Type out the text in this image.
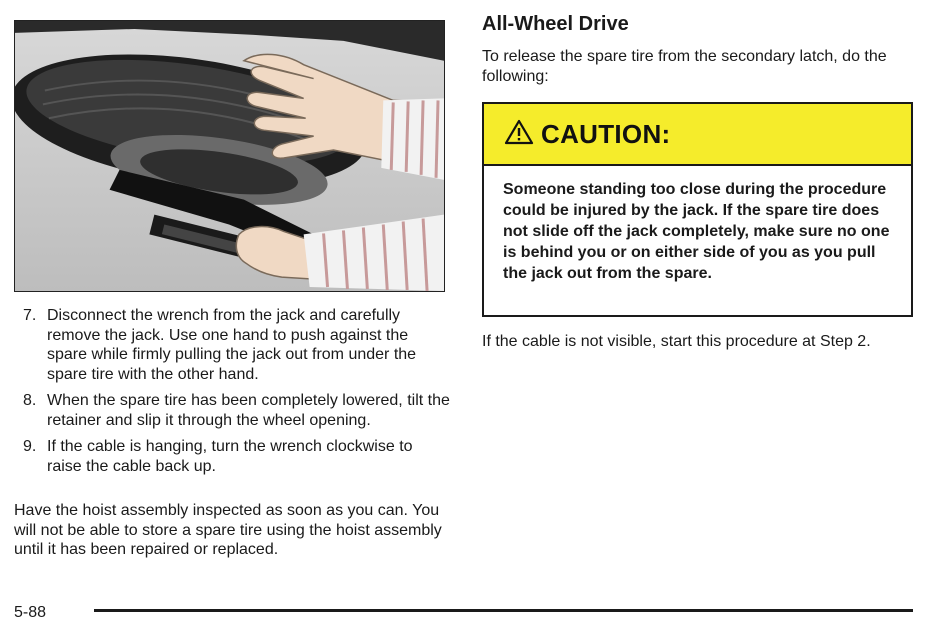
7. Disconnect the wrench from the jack and carefully remove the jack. Use one hand to push against the spare while firmly pulling the jack out from under the spare tire with the other hand.
8. When the spare tire has been completely lowered, tilt the retainer and slip it through the wheel opening.
9. If the cable is hanging, turn the wrench clockwise to raise the cable back up.

Have the hoist assembly inspected as soon as you can. You will not be able to store a spare tire using the hoist assembly until it has been repaired or replaced.

All-Wheel Drive

To release the spare tire from the secondary latch, do the following:

CAUTION:

Someone standing too close during the procedure could be injured by the jack. If the spare tire does not slide off the jack completely, make sure no one is behind you or on either side of you as you pull the jack out from the spare.

If the cable is not visible, start this procedure at Step 2.

5-88
